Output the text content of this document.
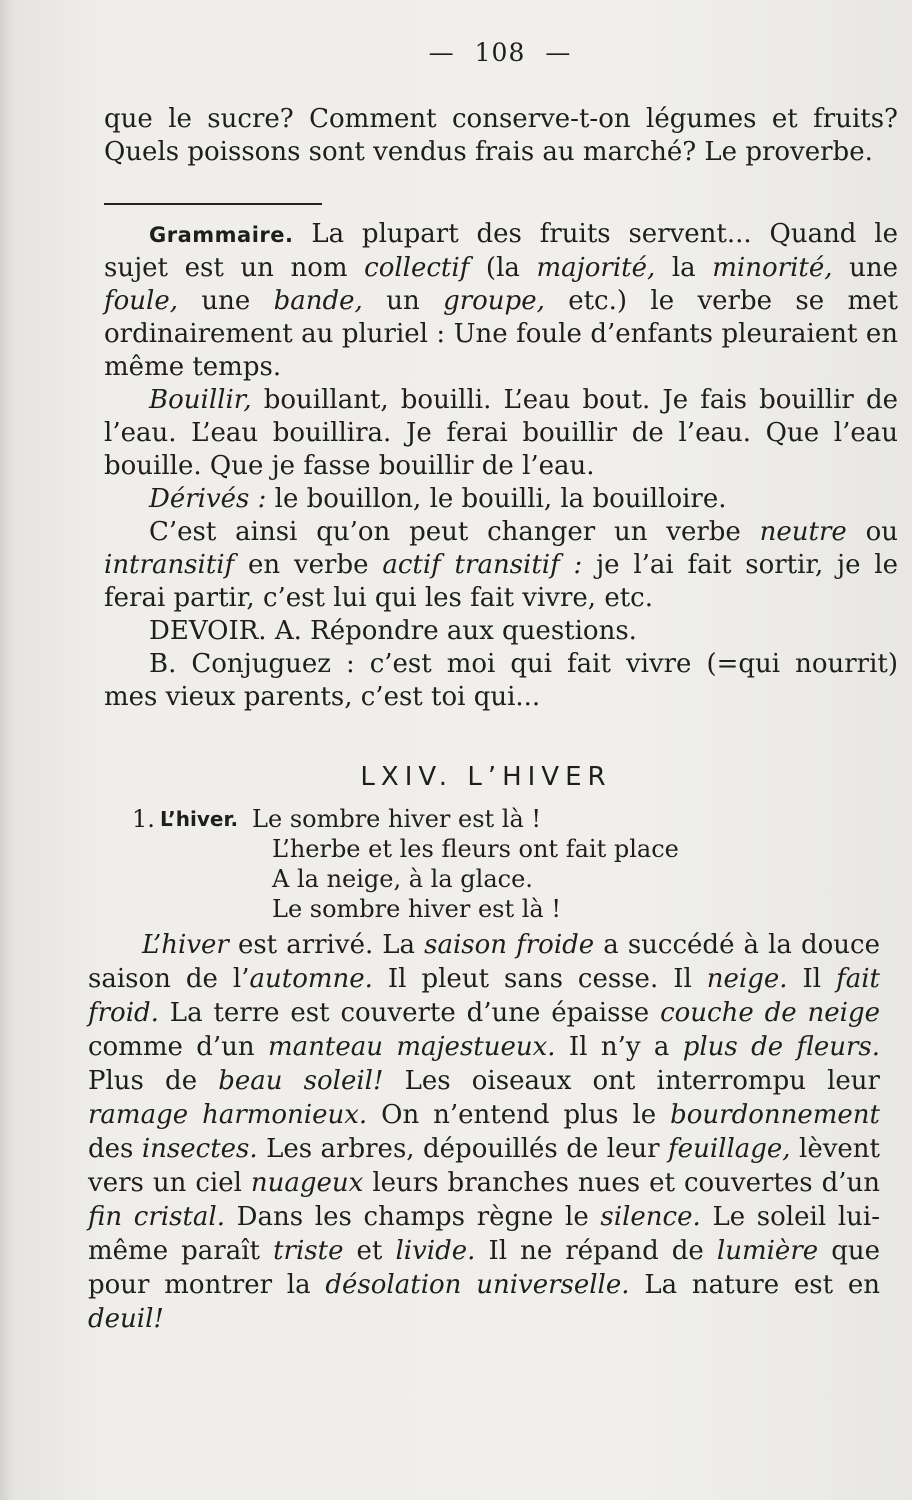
— 108 —

que le sucre? Comment conserve-t-on légumes et fruits? Quels poissons sont vendus frais au marché? Le proverbe.

Grammaire. La plupart des fruits servent... Quand le sujet est un nom collectif (la majorité, la minorité, une foule, une bande, un groupe, etc.) le verbe se met ordinairement au pluriel : Une foule d’enfants pleuraient en même temps.

Bouillir, bouillant, bouilli. L’eau bout. Je fais bouillir de l’eau. L’eau bouillira. Je ferai bouillir de l’eau. Que l’eau bouille. Que je fasse bouillir de l’eau.

Dérivés : le bouillon, le bouilli, la bouilloire.

C’est ainsi qu’on peut changer un verbe neutre ou intransitif en verbe actif transitif : je l’ai fait sortir, je le ferai partir, c’est lui qui les fait vivre, etc.

DEVOIR. A. Répondre aux questions.

B. Conjuguez : c’est moi qui fait vivre (=qui nourrit) mes vieux parents, c’est toi qui...

LXIV. L’HIVER
1. L’hiver. Le sombre hiver est là !
L’herbe et les fleurs ont fait place
A la neige, à la glace.
Le sombre hiver est là !

L’hiver est arrivé. La saison froide a succédé à la douce saison de l’automne. Il pleut sans cesse. Il neige. Il fait froid. La terre est couverte d’une épaisse couche de neige comme d’un manteau majestueux. Il n’y a plus de fleurs. Plus de beau soleil! Les oiseaux ont interrompu leur ramage harmonieux. On n’entend plus le bourdonnement des insectes. Les arbres, dépouillés de leur feuillage, lèvent vers un ciel nuageux leurs branches nues et couvertes d’un fin cristal. Dans les champs règne le silence. Le soleil lui-même paraît triste et livide. Il ne répand de lumière que pour montrer la désolation universelle. La nature est en deuil!
